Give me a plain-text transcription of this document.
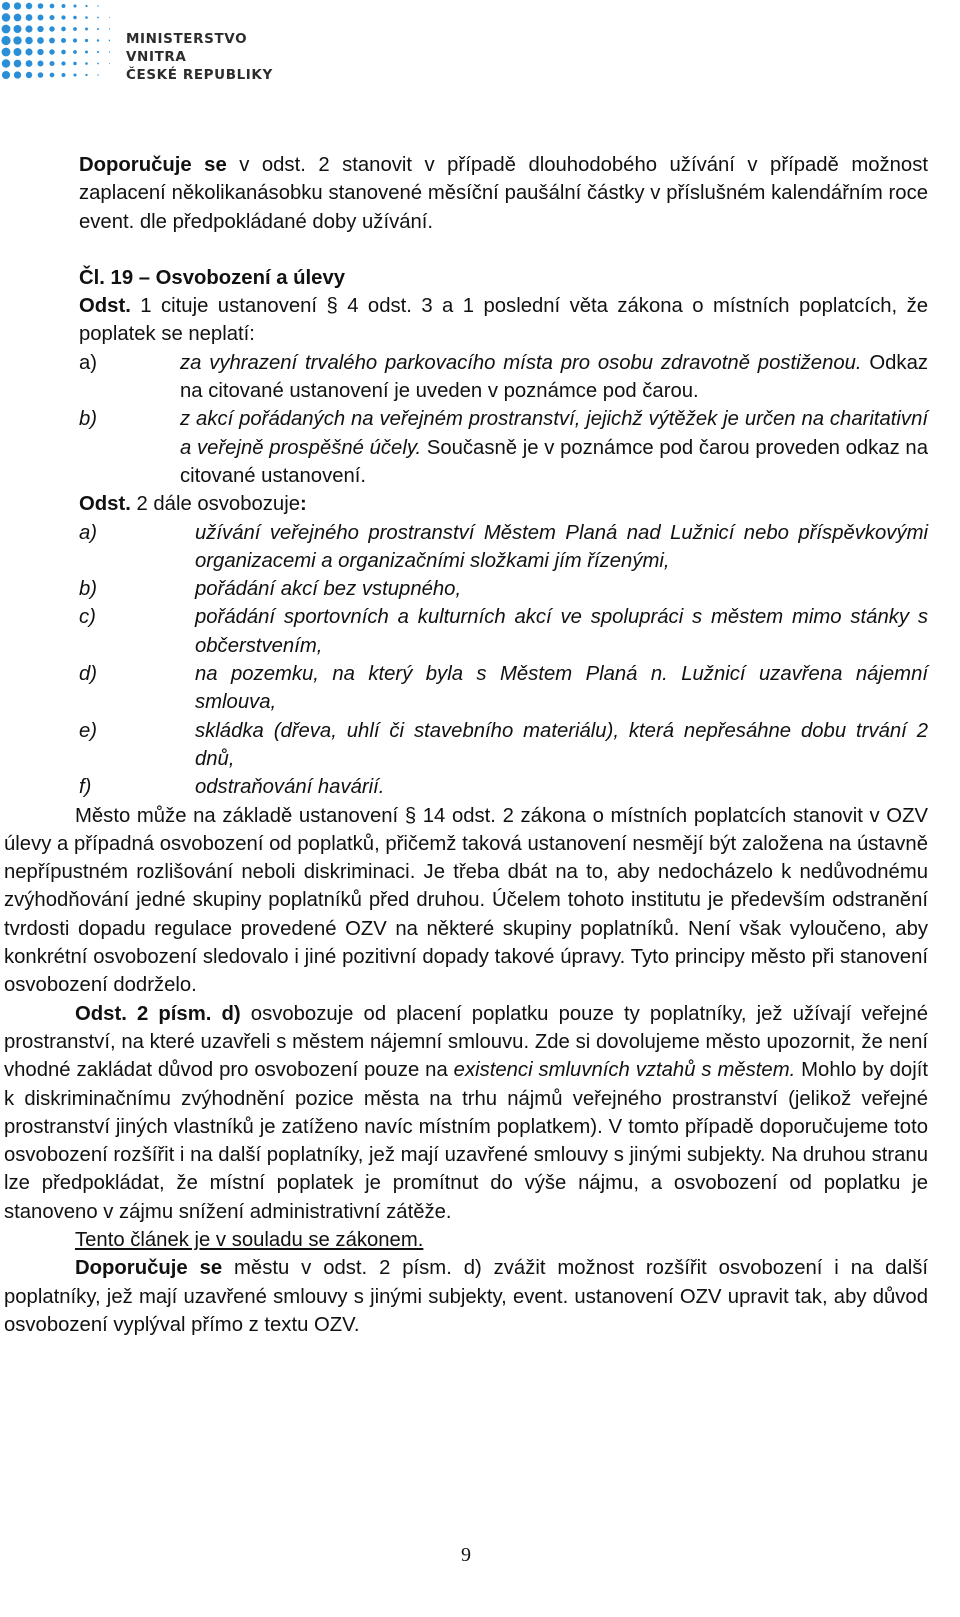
MINISTERSTVO VNITRA
ČESKÉ REPUBLIKY

Doporučuje se v odst. 2 stanovit v případě dlouhodobého užívání v případě možnost zaplacení několikanásobku stanovené měsíční paušální částky v příslušném kalendářním roce event. dle předpokládané doby užívání.

Čl. 19 – Osvobození a úlevy

Odst. 1 cituje ustanovení § 4 odst. 3 a 1 poslední věta zákona o místních poplatcích, že poplatek se neplatí:

a)	za vyhrazení trvalého parkovacího místa pro osobu zdravotně postiženou. Odkaz na citované ustanovení je uveden v poznámce pod čarou.
b)	z akcí pořádaných na veřejném prostranství, jejichž výtěžek je určen na charitativní a veřejně prospěšné účely. Současně je v poznámce pod čarou proveden odkaz na citované ustanovení.

Odst. 2 dále osvobozuje:

a)	užívání veřejného prostranství Městem Planá nad Lužnicí nebo příspěvkovými organizacemi a organizačními složkami jím řízenými,
b)	pořádání akcí bez vstupného,
c)	pořádání sportovních a kulturních akcí ve spolupráci s městem mimo stánky s občerstvením,
d)	na pozemku, na který byla s Městem Planá n. Lužnicí uzavřena nájemní smlouva,
e)	skládka (dřeva, uhlí či stavebního materiálu), která nepřesáhne dobu trvání 2 dnů,
f)	odstraňování havárií.

Město může na základě ustanovení § 14 odst. 2 zákona o místních poplatcích stanovit v OZV úlevy a případná osvobození od poplatků, přičemž taková ustanovení nesmějí být založena na ústavně nepřípustném rozlišování neboli diskriminaci. Je třeba dbát na to, aby nedocházelo k nedůvodnému zvýhodňování jedné skupiny poplatníků před druhou. Účelem tohoto institutu je především odstranění tvrdosti dopadu regulace provedené OZV na některé skupiny poplatníků. Není však vyloučeno, aby konkrétní osvobození sledovalo i jiné pozitivní dopady takové úpravy. Tyto principy město při stanovení osvobození dodrželo.

Odst. 2 písm. d) osvobozuje od placení poplatku pouze ty poplatníky, jež užívají veřejné prostranství, na které uzavřeli s městem nájemní smlouvu. Zde si dovolujeme město upozornit, že není vhodné zakládat důvod pro osvobození pouze na existenci smluvních vztahů s městem. Mohlo by dojít k diskriminačnímu zvýhodnění pozice města na trhu nájmů veřejného prostranství (jelikož veřejné prostranství jiných vlastníků je zatíženo navíc místním poplatkem). V tomto případě doporučujeme toto osvobození rozšířit i na další poplatníky, jež mají uzavřené smlouvy s jinými subjekty. Na druhou stranu lze předpokládat, že místní poplatek je promítnut do výše nájmu, a osvobození od poplatku je stanoveno v zájmu snížení administrativní zátěže.

Tento článek je v souladu se zákonem.

Doporučuje se městu v odst. 2 písm. d) zvážit možnost rozšířit osvobození i na další poplatníky, jež mají uzavřené smlouvy s jinými subjekty, event. ustanovení OZV upravit tak, aby důvod osvobození vyplýval přímo z textu OZV.

9
